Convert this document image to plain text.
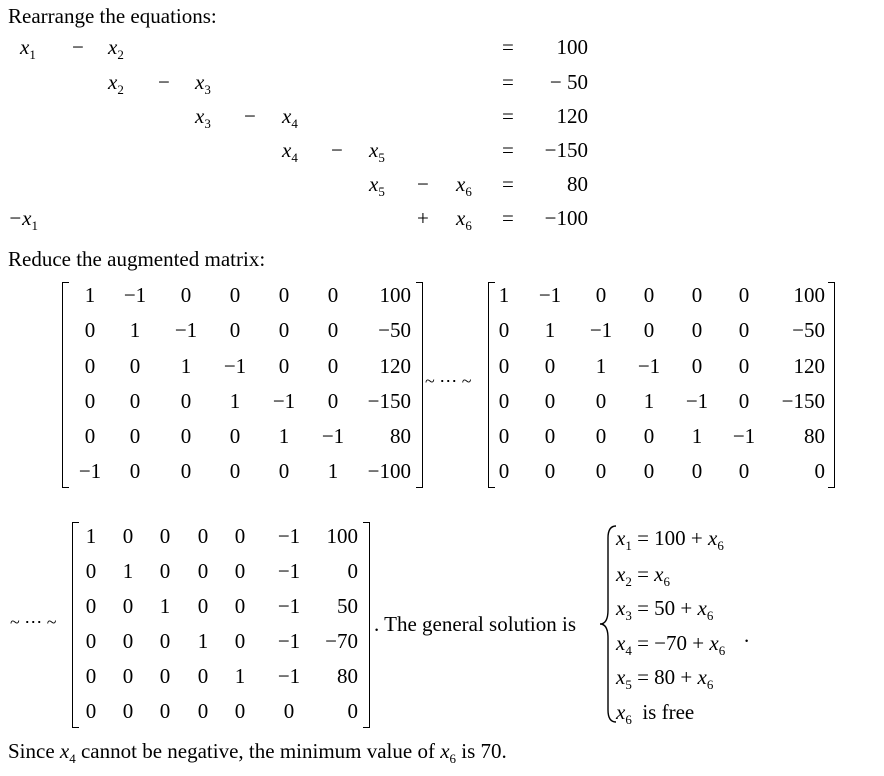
Rearrange the equations:
$x_1 - x_2$	=	100
$x_2 - x_3$	=	− 50
$x_3 - x_4$	=	120
$x_4 - x_5$	=	−150
$x_5 - x_6$ =	80
$-x_1$	+ $x_6$ =	−100
Reduce the augmented matrix:
1 −1 0 0 0 0	100
0 1 −1 0 0 0	−50
0 0 1 −1 0 0	120
0 0 0 1 −1 0	−150
0 0 0 0 1 −1	80
−1 0 0 0 0 1	−100
~ ⋯ ~
1 −1 0 0 0 0	100
0 1 −1 0 0 0	−50
0 0 1 −1 0 0	120
0 0 0 1 −1 0	−150
0 0 0 0 1 −1	80
0 0 0 0 0 0	0
~ ⋯ ~
1 0 0 0 0 −1	100
0 1 0 0 0 −1	0
0 0 1 0 0 −1	50
0 0 0 1 0 −1	−70
0 0 0 0 1 −1	80
0 0 0 0 0 0	0
. The general solution is
$x_1 = 100 + x_6$
$x_2 = x_6$
$x_3 = 50 + x_6$
$x_4 = -70 + x_6$
$x_5 = 80 + x_6$
$x_6$  is free
.
Since $x_4$ cannot be negative, the minimum value of $x_6$ is 70.
